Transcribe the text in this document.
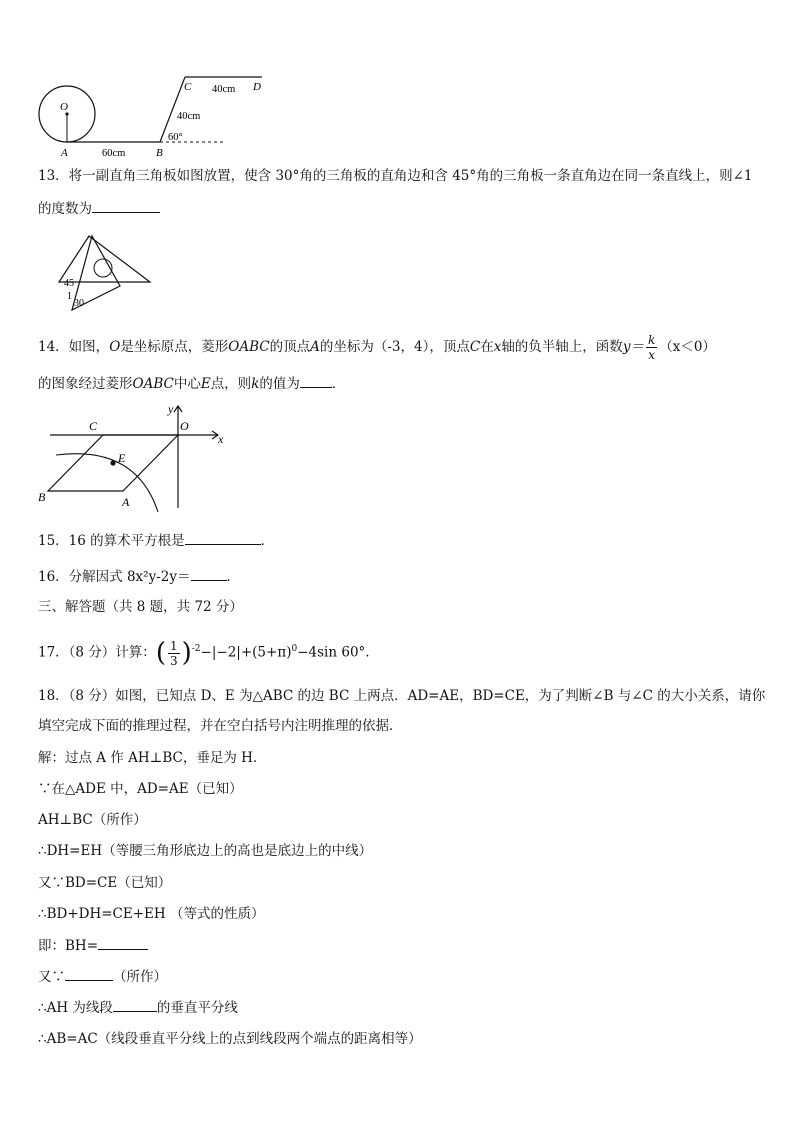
O
A	B
C	D
60cm
40cm
40cm
60°
13．将一副直角三角板如图放置，使含 30°角的三角板的直角边和含 45°角的三角板一条直角边在同一条直线上，则∠1
的度数为
45
1
30
14．如图，O是坐标原点，菱形OABC的顶点A的坐标为（-3，4），顶点C在x轴的负半轴上，函数$y= \frac{k}{x} (x<0)$
的图象经过菱形OABC中心E点，则k的值为 ．
C	O
E
B	A
y
x
15．16 的算术平方根是	．
16．分解因式 8x²y-2y＝	．
三、解答题（共 8 题，共 72 分）
17．（8 分）计算：( $\frac{1}{3} )^{-2}-|-2|+(5+\pi)^0-4\sin$ 60°.
18．（8 分）如图，已知点 D、E 为△ABC 的边 BC 上两点．AD=AE，BD=CE，为了判断∠B 与∠C 的大小关系，请你
填空完成下面的推理过程，并在空白括号内注明推理的依据．
解：过点 A 作 AH⊥BC，垂足为 H．
∵在△ADE 中，AD=AE（已知）
AH⊥BC（所作）
∴DH=EH（等腰三角形底边上的高也是底边上的中线）
又∵BD=CE（已知）
∴BD+DH=CE+EH （等式的性质）
即：BH=
又∵	（所作）
∴AH 为线段	的垂直平分线
∴AB=AC（线段垂直平分线上的点到线段两个端点的距离相等）
